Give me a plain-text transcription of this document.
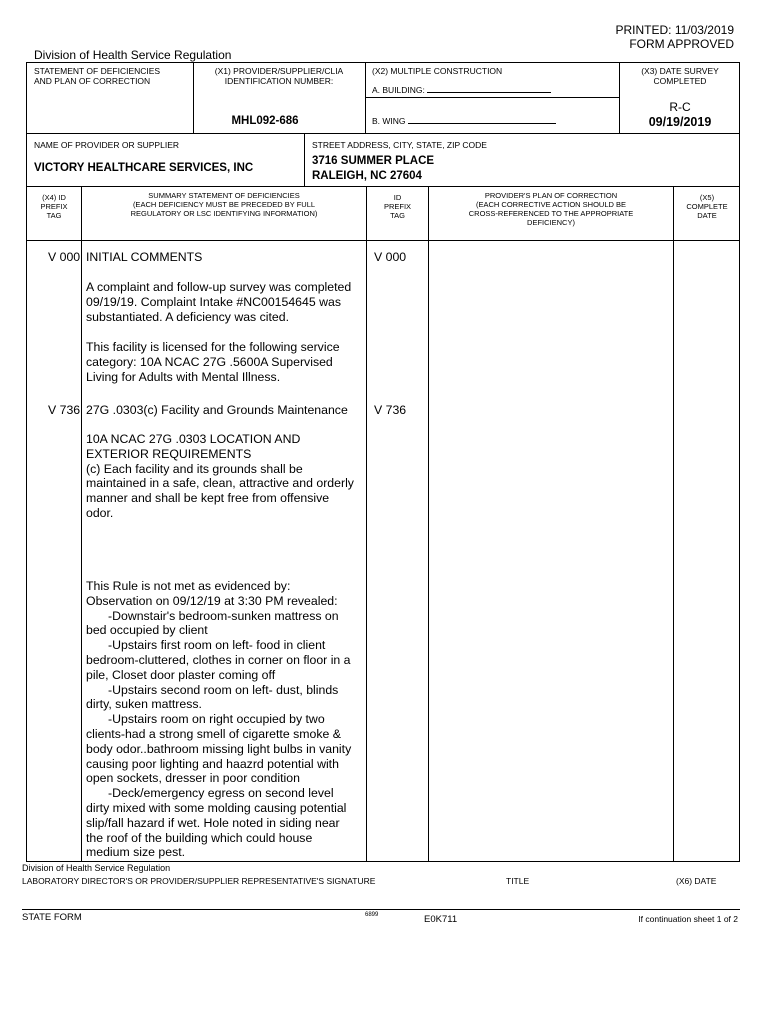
PRINTED: 11/03/2019
FORM APPROVED
Division of Health Service Regulation
STATEMENT OF DEFICIENCIES
AND PLAN OF CORRECTION
(X1) PROVIDER/SUPPLIER/CLIA
IDENTIFICATION NUMBER:
MHL092-686
(X2) MULTIPLE CONSTRUCTION
A. BUILDING:
B. WING
(X3) DATE SURVEY
COMPLETED
R-C
09/19/2019
NAME OF PROVIDER OR SUPPLIER
VICTORY HEALTHCARE SERVICES, INC
STREET ADDRESS, CITY, STATE, ZIP CODE
3716 SUMMER PLACE
RALEIGH, NC 27604
(X4) ID
PREFIX
TAG
SUMMARY STATEMENT OF DEFICIENCIES
(EACH DEFICIENCY MUST BE PRECEDED BY FULL
REGULATORY OR LSC IDENTIFYING INFORMATION)
ID
PREFIX
TAG
PROVIDER'S PLAN OF CORRECTION
(EACH CORRECTIVE ACTION SHOULD BE
CROSS-REFERENCED TO THE APPROPRIATE
DEFICIENCY)
(X5)
COMPLETE
DATE
V 000 INITIAL COMMENTS	V 000

A complaint and follow-up survey was completed

09/19/19. Complaint Intake #NC00154645 was

substantiated. A deficiency was cited.

This facility is licensed for the following service

category: 10A NCAC 27G .5600A Supervised

Living for Adults with Mental Illness.

V 736 27G .0303(c) Facility and Grounds Maintenance V 736

10A NCAC 27G .0303 LOCATION AND

EXTERIOR REQUIREMENTS

(c) Each facility and its grounds shall be

maintained in a safe, clean, attractive and orderly

manner and shall be kept free from offensive

odor.

This Rule is not met as evidenced by:

Observation on 09/12/19 at 3:30 PM revealed:

-Downstair's bedroom-sunken mattress on

bed occupied by client

-Upstairs first room on left- food in client

bedroom-cluttered, clothes in corner on floor in a

pile, Closet door plaster coming off

-Upstairs second room on left- dust, blinds

dirty, suken mattress.

-Upstairs room on right occupied by two

clients-had a strong smell of cigarette smoke &

body odor..bathroom missing light bulbs in vanity

causing poor lighting and haazrd potential with

open sockets, dresser in poor condition

-Deck/emergency egress on second level

dirty mixed with some molding causing potential

slip/fall hazard if wet. Hole noted in siding near

the roof of the building which could house

medium size pest.

Division of Health Service Regulation
LABORATORY DIRECTOR'S OR PROVIDER/SUPPLIER REPRESENTATIVE'S SIGNATURE	TITLE	(X6) DATE
STATE FORM	6899	E0K711	If continuation sheet 1 of 2
